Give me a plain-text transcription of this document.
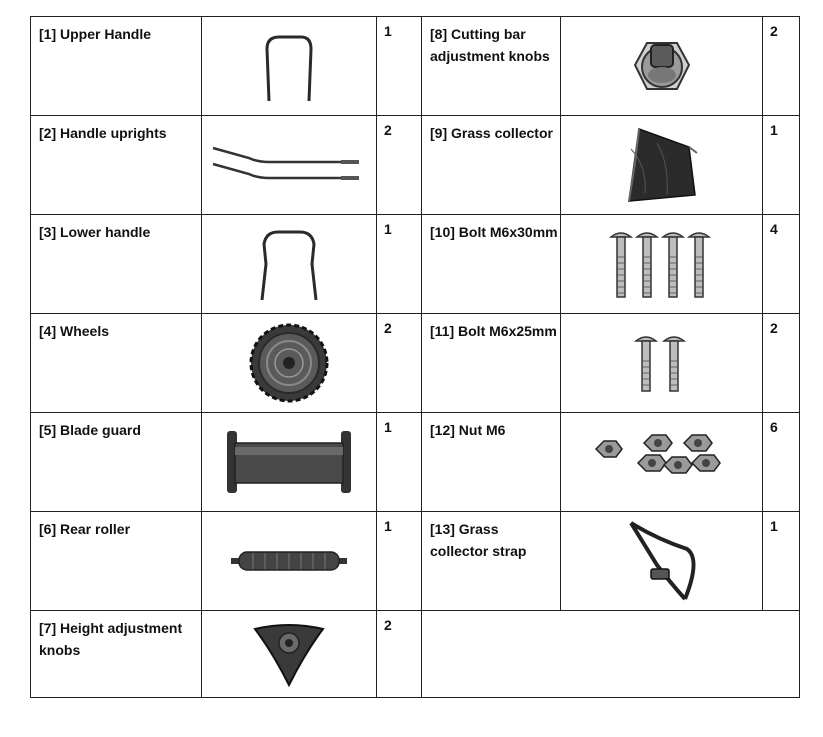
[1] Upper Handle		1	[8] Cutting bar adjustment knobs		2
[2] Handle uprights		2	[9] Grass collector		1
[3] Lower handle		1	[10] Bolt M6x30mm		4
[4] Wheels		2	[11] Bolt M6x25mm		2
[5] Blade guard		1	[12] Nut M6		6
[6] Rear roller		1	[13] Grass collector strap		1
[7] Height adjustment knobs		2			
